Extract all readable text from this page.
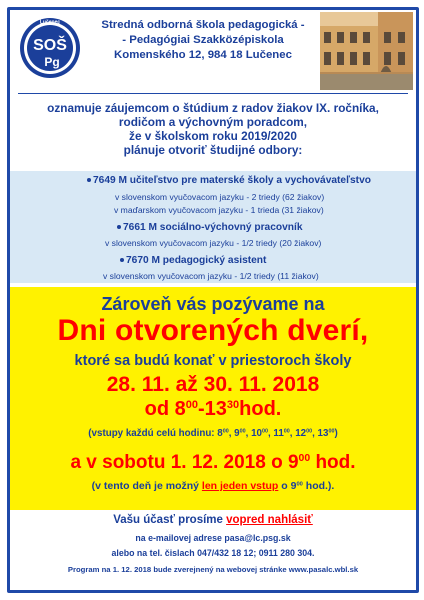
Lučenec
SOŠ
Pg
Stredná odborná škola pedagogická -
- Pedagógiai Szakközépiskola
Komenského 12, 984 18 Lučenec
oznamuje záujemcom o štúdium z radov žiakov IX. ročníka,
rodičom a výchovným poradcom,
že v školskom roku 2019/2020
plánuje otvoriť študijné odbory:
7649 M učiteľstvo pre materské školy a vychovávateľstvo
v slovenskom vyučovacom jazyku - 2 triedy (62 žiakov)
v maďarskom vyučovacom jazyku - 1 trieda (31 žiakov)
7661 M sociálno-výchovný pracovník
v slovenskom vyučovacom jazyku - 1/2 triedy (20 žiakov)
7670 M pedagogický asistent
v slovenskom vyučovacom jazyku - 1/2 triedy (11 žiakov)
Zároveň vás pozývame na
Dni otvorených dverí,
ktoré sa budú konať v priestoroch školy
28. 11. až 30. 11. 2018
od $8^{00}-13^{30}hod$.
(vstupy každú celú hodinu: $8^{00}$, $9^{00}$, $10^{00}$, $11^{00}$, $12^{00}$, $13^{00}$)
a v sobotu 1. 12. 2018 o $9^{00}$ hod.
(v tento deň je možný len jeden vstup o $9^{00}$ hod.).
Vašu účasť prosíme vopred nahlásiť
na e-mailovej adrese pasa@lc.psg.sk
alebo na tel. čislach 047/432 18 12; 0911 280 304.
Program na 1. 12. 2018 bude zverejnený na webovej stránke www.pasalc.wbl.sk
